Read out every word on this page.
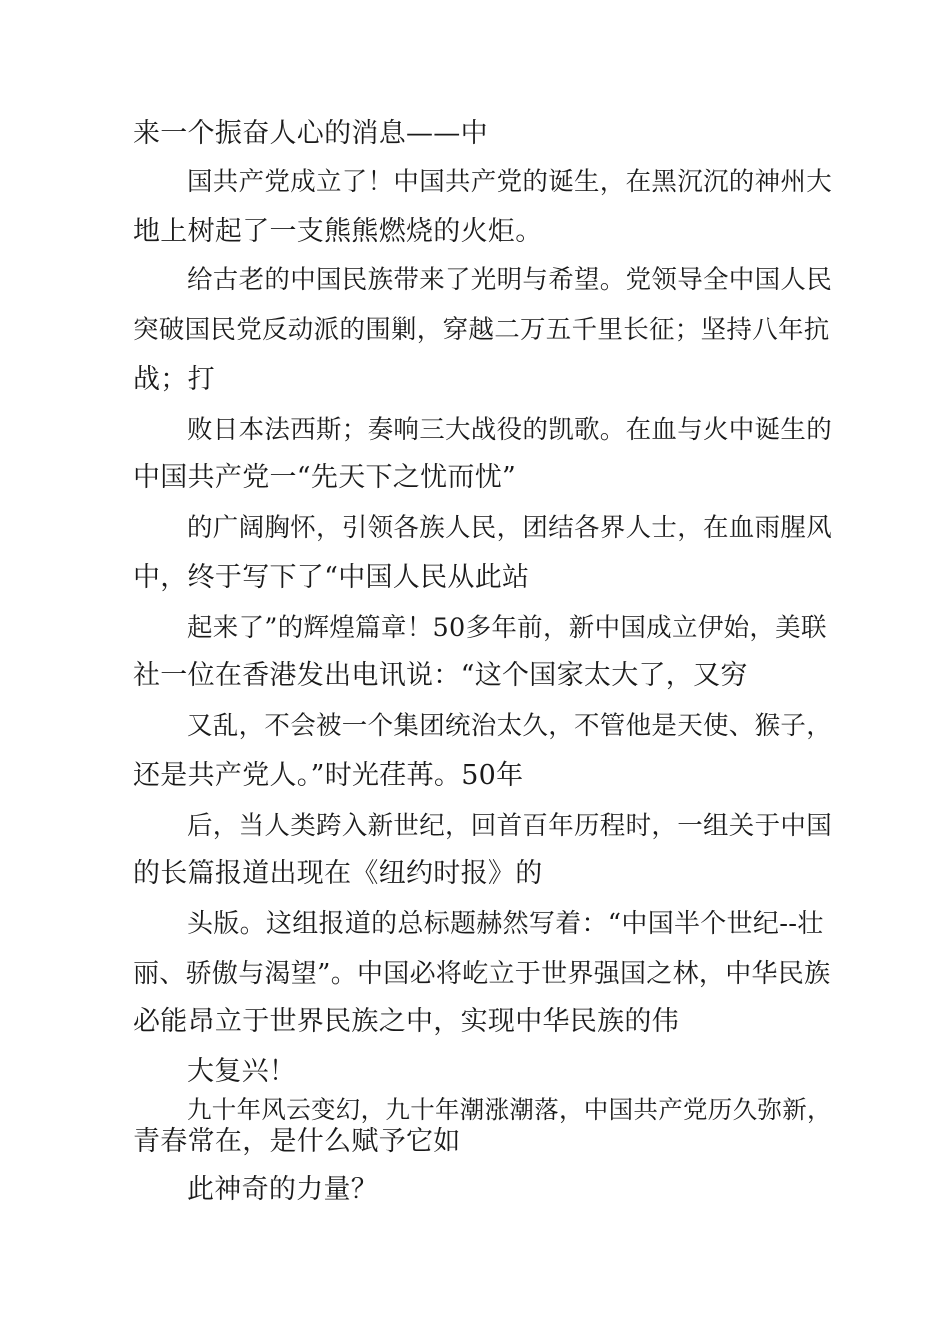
来一个振奋人心的消息——中

国共产党成立了！中国共产党的诞生，在黑沉沉的神州大

地上树起了一支熊熊燃烧的火炬。

给古老的中国民族带来了光明与希望。党领导全中国人民

突破国民党反动派的围剿，穿越二万五千里长征；坚持八年抗

战；打

败日本法西斯；奏响三大战役的凯歌。在血与火中诞生的

中国共产党一“先天下之忧而忧”

的广阔胸怀，引领各族人民，团结各界人士，在血雨腥风

中，终于写下了“中国人民从此站

起来了”的辉煌篇章！50多年前，新中国成立伊始，美联

社一位在香港发出电讯说：“这个国家太大了，又穷

又乱，不会被一个集团统治太久，不管他是天使、猴子，

还是共产党人。”时光荏苒。50年

后，当人类跨入新世纪，回首百年历程时，一组关于中国

的长篇报道出现在《纽约时报》的

头版。这组报道的总标题赫然写着：“中国半个世纪--壮

丽、骄傲与渴望”。中国必将屹立于世界强国之林，中华民族

必能昂立于世界民族之中，实现中华民族的伟

大复兴！

九十年风云变幻，九十年潮涨潮落，中国共产党历久弥新，

青春常在，是什么赋予它如

此神奇的力量？
